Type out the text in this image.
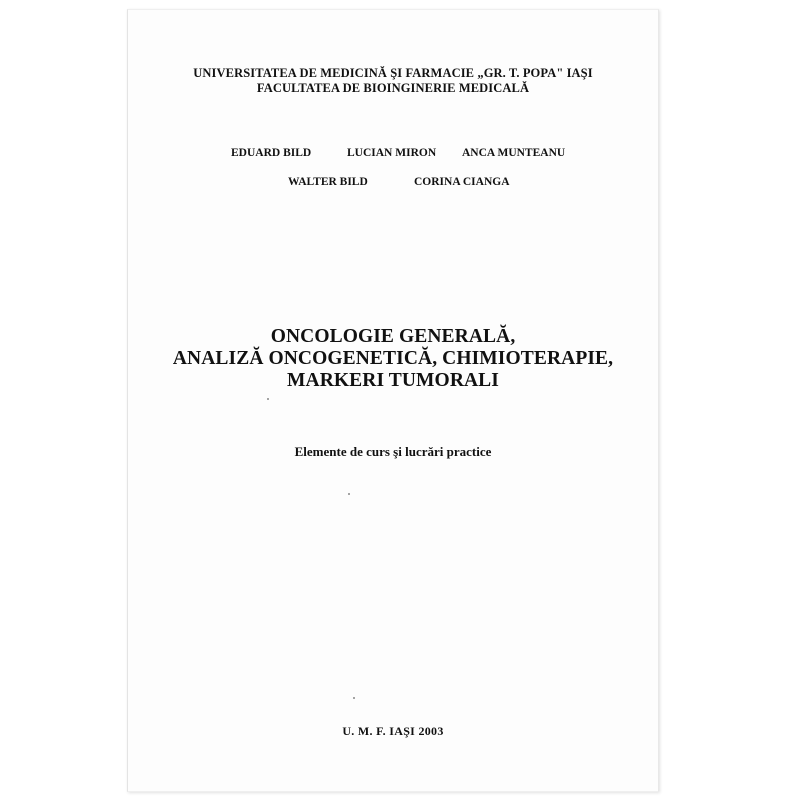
UNIVERSITATEA DE MEDICINĂ ŞI FARMACIE „GR. T. POPA" IAŞI
FACULTATEA DE BIOINGINERIE MEDICALĂ
EDUARD BILD	LUCIAN MIRON ANCA MUNTEANU
WALTER BILD	CORINA CIANGA
ONCOLOGIE GENERALĂ,
ANALIZĂ ONCOGENETICĂ, CHIMIOTERAPIE,
MARKERI TUMORALI
Elemente de curs şi lucrări practice
U. M. F. IAŞI 2003
